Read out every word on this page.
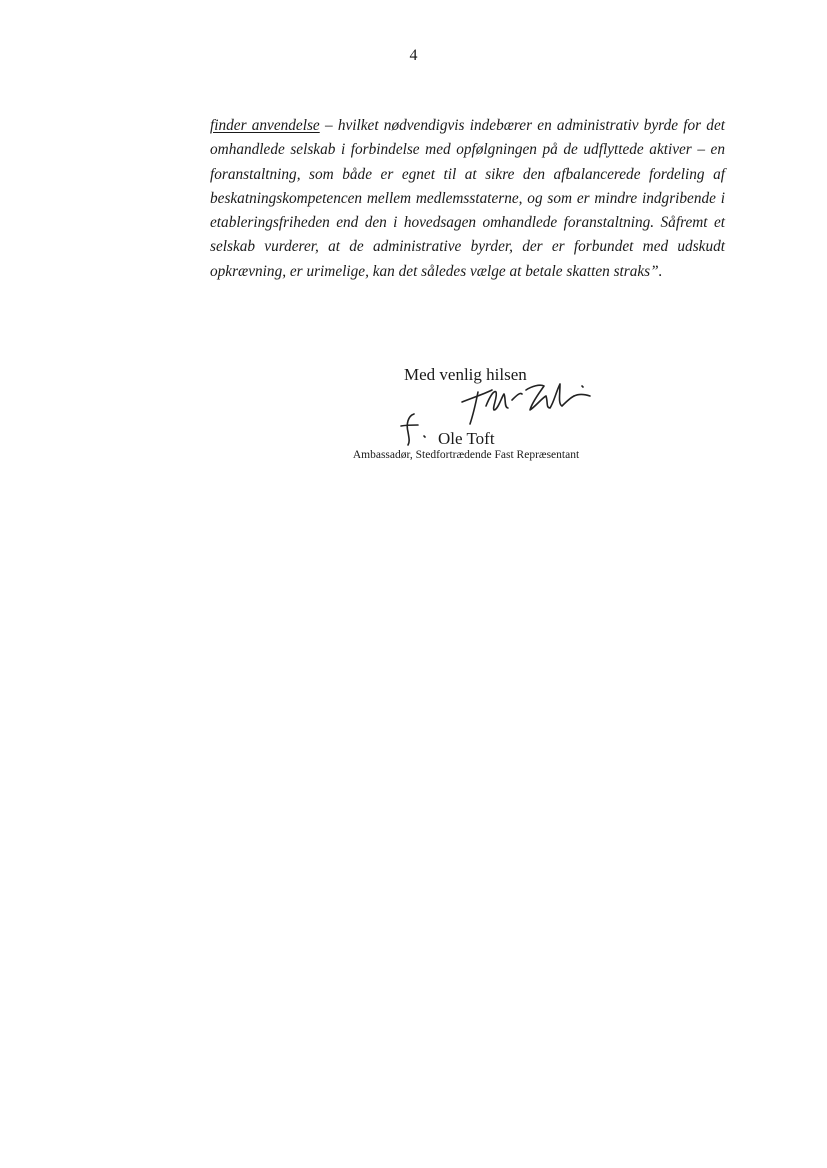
4

finder anvendelse – hvilket nødvendigvis indebærer en administrativ byrde for det omhandlede selskab i forbindelse med opfølgningen på de udflyttede aktiver – en foranstaltning, som både er egnet til at sikre den afbalancerede fordeling af beskatningskompetencen mellem medlemsstaterne, og som er mindre indgribende i etableringsfriheden end den i hovedsagen omhandlede foranstaltning. Såfremt et selskab vurderer, at de administrative byrder, der er forbundet med udskudt opkrævning, er urimelige, kan det således vælge at betale skatten straks”.

Med venlig hilsen
f.
Ole Toft
Ambassadør, Stedfortrædende Fast Repræsentant
